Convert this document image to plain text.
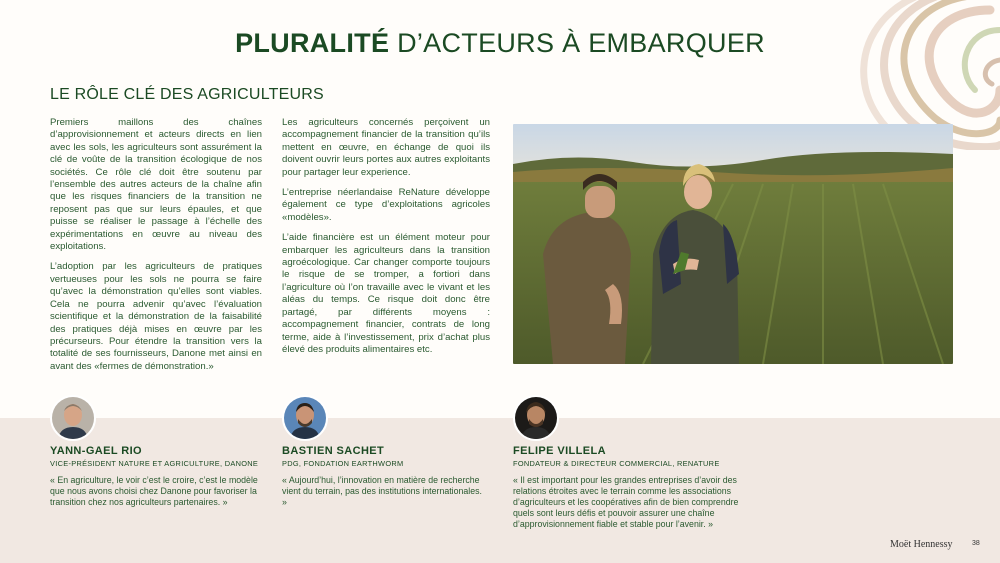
PLURALITÉ D’ACTEURS À EMBARQUER
LE RÔLE CLÉ DES AGRICULTEURS

Premiers maillons des chaînes d’approvisionnement et acteurs directs en lien avec les sols, les agriculteurs sont assurément la clé de voûte de la transition écologique de nos sociétés. Ce rôle clé doit être soutenu par l’ensemble des autres acteurs de la chaîne afin que les risques financiers de la transition ne reposent pas que sur leurs épaules, et que puisse se réaliser le passage à l’échelle des expérimentations en œuvre au niveau des exploitations.

L’adoption par les agriculteurs de pratiques vertueuses pour les sols ne pourra se faire qu’avec la démonstration qu’elles sont viables. Cela ne pourra advenir qu’avec l’évaluation scientifique et la démonstration de la faisabilité des pratiques déjà mises en œuvre par les précurseurs. Pour étendre la transition vers la totalité de ses fournisseurs, Danone met ainsi en avant des «fermes de démonstration.»

Les agriculteurs concernés perçoivent un accompagnement financier de la transition qu’ils mettent en œuvre, en échange de quoi ils doivent ouvrir leurs portes aux autres exploitants pour partager leur experience.

L’entreprise néerlandaise ReNature développe également ce type d’exploitations agricoles «modèles».

L’aide financière est un élément moteur pour embarquer les agriculteurs dans la transition agroécologique. Car changer comporte toujours le risque de se tromper, a fortiori dans l’agriculture où l’on travaille avec le vivant et les aléas du temps. Ce risque doit donc être partagé, par différents moyens : accompagnement financier, contrats de long terme, aide à l’investissement, prix d’achat plus élevé des produits alimentaires etc.

YANN-GAEL RIO
VICE-PRÉSIDENT NATURE ET AGRICULTURE, DANONE
« En agriculture, le voir c’est le croire, c’est le modèle que nous avons choisi chez Danone pour favoriser la transition chez nos agriculteurs partenaires. »
BASTIEN SACHET
PDG, FONDATION EARTHWORM
« Aujourd’hui, l’innovation en matière de recherche vient du terrain, pas des institutions internationales. »
FELIPE VILLELA
FONDATEUR & DIRECTEUR COMMERCIAL, RENATURE
« Il est important pour les grandes entreprises d’avoir des relations étroites avec le terrain comme les associations d’agriculteurs et les coopératives afin de bien comprendre quels sont leurs défis et pouvoir assurer une chaîne d’approvisionnement fiable et stable pour l’avenir. »
Moët Hennessy	38
